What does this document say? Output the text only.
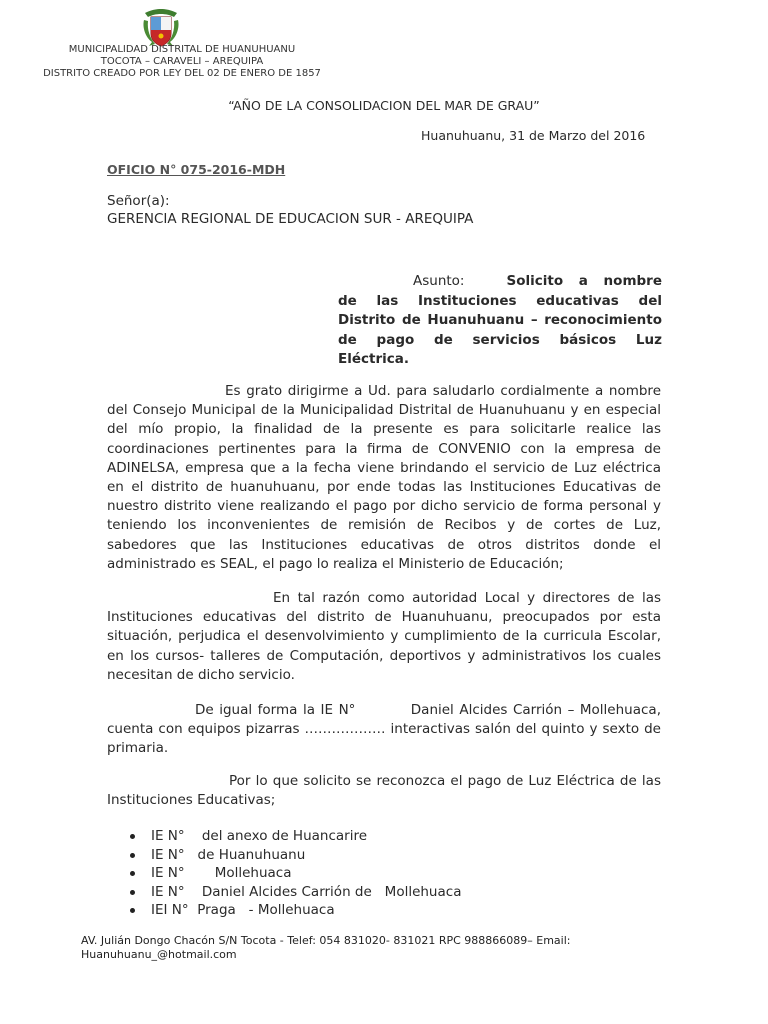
MUNICIPALIDAD DISTRITAL DE HUANUHUANU
TOCOTA – CARAVELI – AREQUIPA
DISTRITO CREADO POR LEY DEL 02 DE ENERO DE 1857
“AÑO DE LA CONSOLIDACION DEL MAR DE GRAU”
Huanuhuanu, 31 de Marzo del 2016
OFICIO N° 075-2016-MDH
Señor(a):
GERENCIA REGIONAL DE EDUCACION SUR - AREQUIPA
Asunto:	Solicito a nombre de las Instituciones educativas del Distrito de Huanuhuanu – reconocimiento de pago de servicios básicos Luz Eléctrica.
Es grato dirigirme a Ud. para saludarlo cordialmente a nombre del Consejo Municipal de la Municipalidad Distrital de Huanuhuanu y en especial del mío propio, la finalidad de la presente es para solicitarle realice las coordinaciones pertinentes para la firma de CONVENIO con la empresa de ADINELSA, empresa que a la fecha viene brindando el servicio de Luz eléctrica en el distrito de huanuhuanu, por ende todas las Instituciones Educativas de nuestro distrito viene realizando el pago por dicho servicio de forma personal y teniendo los inconvenientes de remisión de Recibos y de cortes de Luz, sabedores que las Instituciones educativas de otros distritos donde el administrado es SEAL, el pago lo realiza el Ministerio de Educación;
En tal razón como autoridad Local y directores de las Instituciones educativas del distrito de Huanuhuanu, preocupados por esta situación, perjudica el desenvolvimiento y cumplimiento de la curricula Escolar, en los cursos- talleres de Computación, deportivos y administrativos los cuales necesitan de dicho servicio.
De igual forma la IE N°          Daniel Alcides Carrión – Mollehuaca, cuenta con equipos pizarras ……………… interactivas salón del quinto y sexto de primaria.
Por lo que solicito se reconozca el pago de Luz Eléctrica de las Instituciones Educativas;
IE N°    del anexo de Huancarire
IE N°   de Huanuhuanu
IE N°       Mollehuaca
IE N°    Daniel Alcides Carrión de   Mollehuaca
IEI N°  Praga   - Mollehuaca
AV. Julián Dongo Chacón S/N Tocota - Telef: 054 831020- 831021 RPC 988866089– Email:
Huanuhuanu_@hotmail.com
